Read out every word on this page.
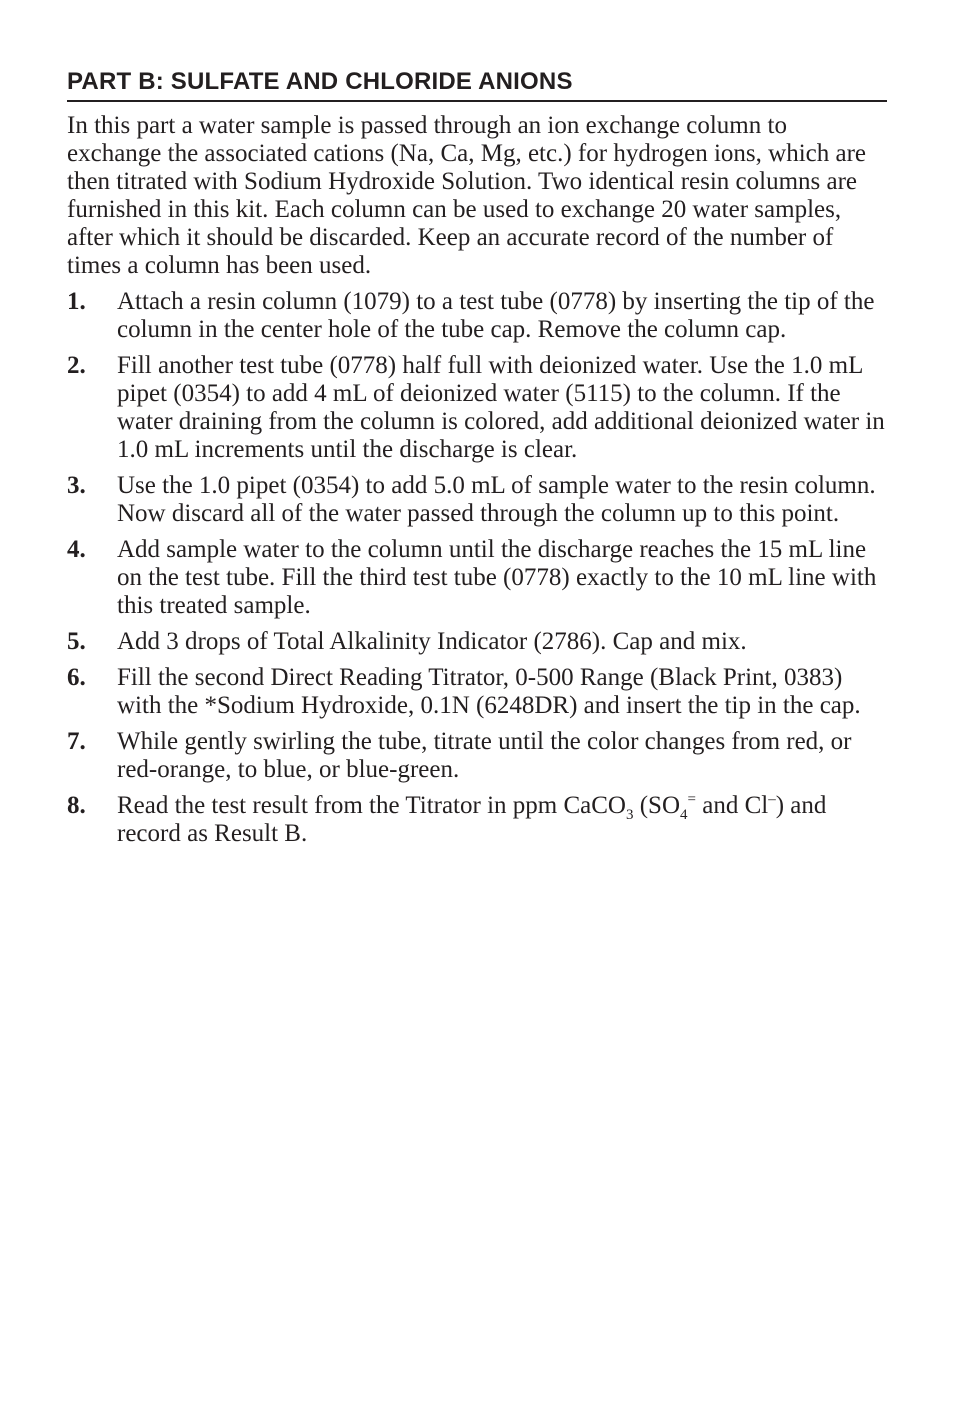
PART B: SULFATE AND CHLORIDE ANIONS

In this part a water sample is passed through an ion exchange column to exchange the associated cations (Na, Ca, Mg, etc.) for hydrogen ions, which are then titrated with Sodium Hydroxide Solution. Two identical resin columns are furnished in this kit. Each column can be used to exchange 20 water samples, after which it should be discarded. Keep an accurate record of the number of times a column has been used.

1.	Attach a resin column (1079) to a test tube (0778) by inserting the tip of the column in the center hole of the tube cap. Remove the column cap.
2.	Fill another test tube (0778) half full with deionized water. Use the 1.0 mL pipet (0354) to add 4 mL of deionized water (5115) to the column. If the water draining from the column is colored, add additional deionized water in 1.0 mL increments until the discharge is clear.
3.	Use the 1.0 pipet (0354) to add 5.0 mL of sample water to the resin column. Now discard all of the water passed through the column up to this point.
4.	Add sample water to the column until the discharge reaches the 15 mL line on the test tube. Fill the third test tube (0778) exactly to the 10 mL line with this treated sample.
5.	Add 3 drops of Total Alkalinity Indicator (2786). Cap and mix.
6.	Fill the second Direct Reading Titrator, 0-500 Range (Black Print, 0383) with the *Sodium Hydroxide, 0.1N (6248DR) and insert the tip in the cap.
7.	While gently swirling the tube, titrate until the color changes from red, or red-orange, to blue, or blue-green.
8.	Read the test result from the Titrator in ppm CaCO$_3$ ($SO_4^=$ and Cl–) and record as Result B.
